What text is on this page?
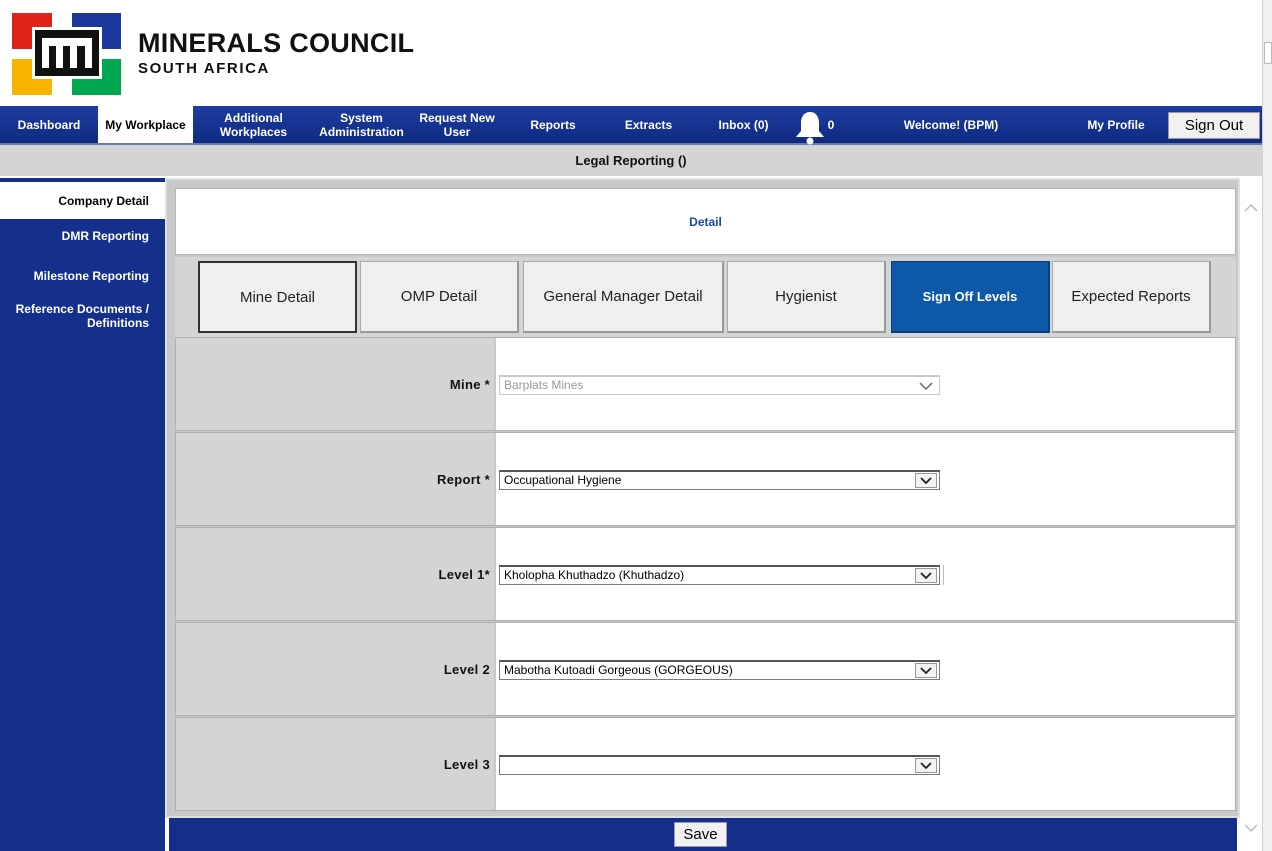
MINERALS COUNCIL
SOUTH AFRICA
Dashboard	My Workplace	Additional Workplaces
System Administration
Request New User	Reports	Extracts	Inbox (0)	0	Welcome! (BPM)	My Profile	Sign Out
Legal Reporting ()
Company Detail
DMR Reporting
Milestone Reporting
Reference Documents / Definitions
Detail
Mine Detail	OMP Detail	General Manager Detail	Hygienist	Sign Off Levels	Expected Reports
Mine *	Barplats Mines
Report *	Occupational Hygiene
Level 1*	Kholopha Khuthadzo (Khuthadzo)
Level 2	Mabotha Kutoadi Gorgeous (GORGEOUS)
Level 3
Save
